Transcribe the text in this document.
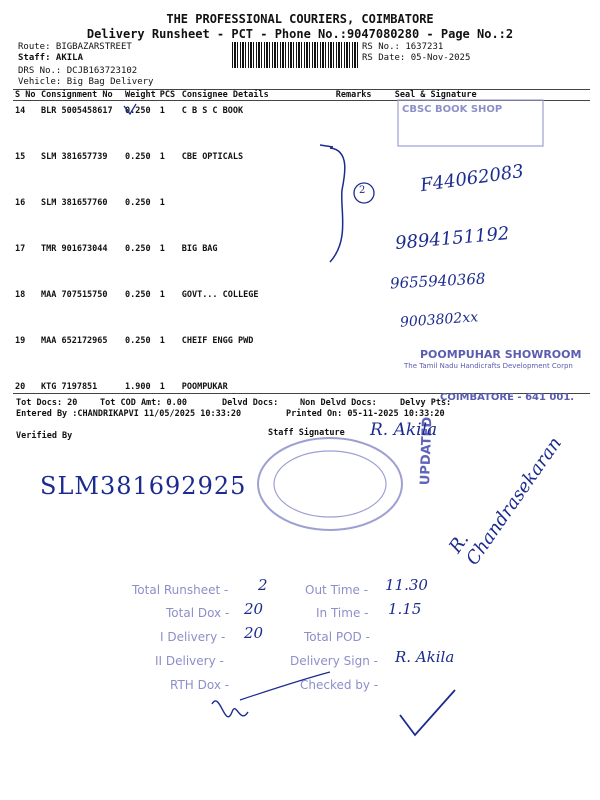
THE PROFESSIONAL COURIERS, COIMBATORE
Delivery Runsheet - PCT - Phone No.:9047080280 - Page No.:2
Route: BIGBAZARSTREET
Staff: AKILA
DRS No.: DCJB163723102
Vehicle: Big Bag Delivery
RS No.: 1637231
RS Date: 05-Nov-2025
S No	Consignment No	Weight	PCS	Consignee Details	Remarks	Seal & Signature
14	BLR 5005458617	0.250	1	C B S C BOOK		
15	SLM 381657739	0.250	1	CBE OPTICALS		
16	SLM 381657760	0.250	1			
17	TMR 901673044	0.250	1	BIG BAG		
18	MAA 707515750	0.250	1	GOVT... COLLEGE		
19	MAA 652172965	0.250	1	CHEIF ENGG PWD		
20	KTG 7197851	1.900	1	POOMPUKAR		
Tot Docs: 20	Tot COD Amt: 0.00	Delvd Docs:	Non Delvd Docs:	Delvy Pts:
Entered By :CHANDRIKAPVI 11/05/2025 10:33:20	Printed On: 05-11-2025 10:33:20
Verified By	Staff Signature
CBSC BOOK SHOP
POOMPUHAR SHOWROOM
The Tamil Nadu Handicrafts Development Corpn
COIMBATORE - 641 001.
UPDATED
R. Akila
SLM381692925
2	F44062083
9894151192
9655940368
9003802xx
R. Chandrasekaran
Total Runsheet -
Total Dox -
I Delivery -
II Delivery -
RTH Dox -
2
20
20
Out Time -
In Time -
Total POD -
Delivery Sign -
Checked by -
11.30
1.15
R. Akila
